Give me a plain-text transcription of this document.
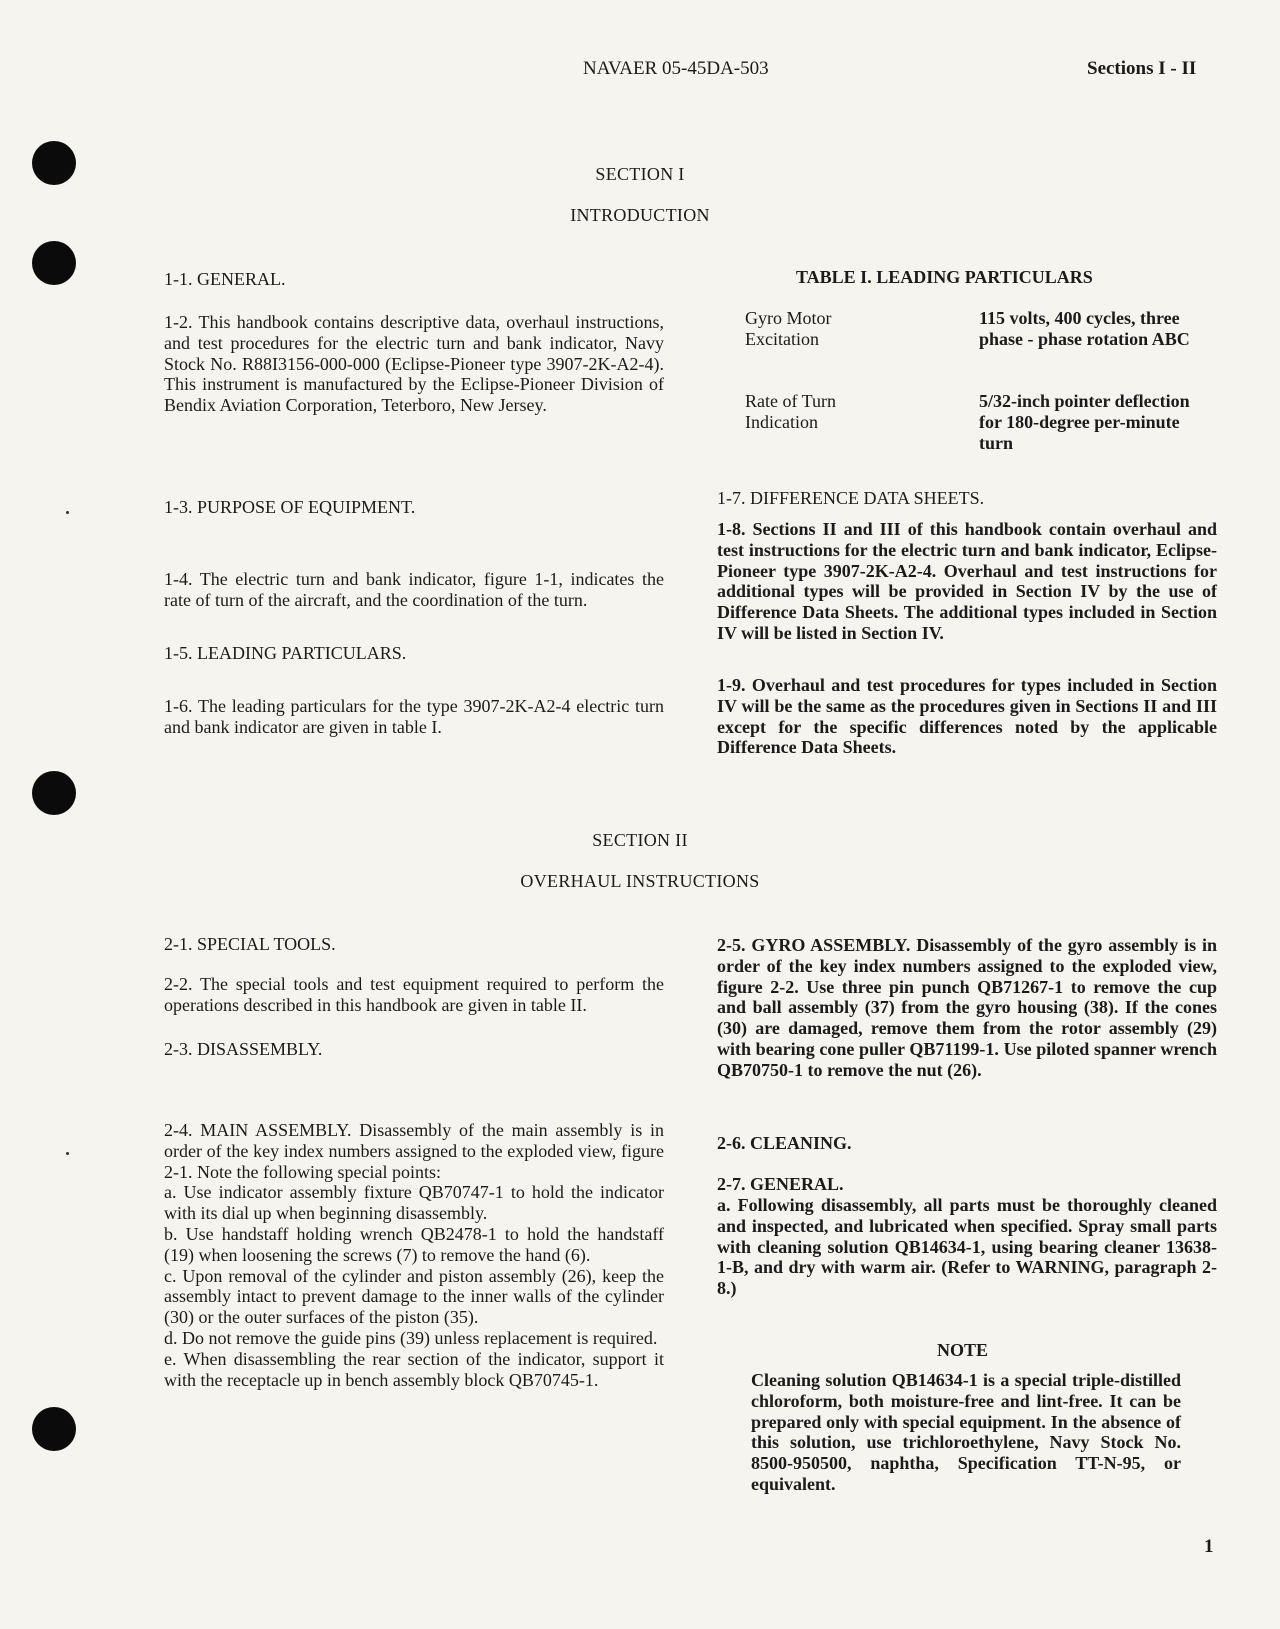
NAVAER 05-45DA-503	Sections I - II
SECTION I
INTRODUCTION
1-1. GENERAL.

1-2. This handbook contains descriptive data, overhaul instructions, and test procedures for the electric turn and bank indicator, Navy Stock No. R88I3156-000-000 (Eclipse-Pioneer type 3907-2K-A2-4). This instrument is manufactured by the Eclipse-Pioneer Division of Bendix Aviation Corporation, Teterboro, New Jersey.

1-3. PURPOSE OF EQUIPMENT.

1-4. The electric turn and bank indicator, figure 1-1, indicates the rate of turn of the aircraft, and the coordination of the turn.

1-5. LEADING PARTICULARS.

1-6. The leading particulars for the type 3907-2K-A2-4 electric turn and bank indicator are given in table I.

TABLE I. LEADING PARTICULARS
Gyro Motor
Excitation
115 volts, 400 cycles, three phase - phase rotation ABC
Rate of Turn
Indication
5/32-inch pointer deflection for 180-degree per-minute turn
1-7. DIFFERENCE DATA SHEETS.

1-8. Sections II and III of this handbook contain overhaul and test instructions for the electric turn and bank indicator, Eclipse-Pioneer type 3907-2K-A2-4. Overhaul and test instructions for additional types will be provided in Section IV by the use of Difference Data Sheets. The additional types included in Section IV will be listed in Section IV.

1-9. Overhaul and test procedures for types included in Section IV will be the same as the procedures given in Sections II and III except for the specific differences noted by the applicable Difference Data Sheets.

SECTION II
OVERHAUL INSTRUCTIONS
2-1. SPECIAL TOOLS.

2-2. The special tools and test equipment required to perform the operations described in this handbook are given in table II.

2-3. DISASSEMBLY.

2-4. MAIN ASSEMBLY. Disassembly of the main assembly is in order of the key index numbers assigned to the exploded view, figure 2-1. Note the following special points:

a. Use indicator assembly fixture QB70747-1 to hold the indicator with its dial up when beginning disassembly.

b. Use handstaff holding wrench QB2478-1 to hold the handstaff (19) when loosening the screws (7) to remove the hand (6).

c. Upon removal of the cylinder and piston assembly (26), keep the assembly intact to prevent damage to the inner walls of the cylinder (30) or the outer surfaces of the piston (35).

d. Do not remove the guide pins (39) unless replacement is required.

e. When disassembling the rear section of the indicator, support it with the receptacle up in bench assembly block QB70745-1.

2-5. GYRO ASSEMBLY. Disassembly of the gyro assembly is in order of the key index numbers assigned to the exploded view, figure 2-2. Use three pin punch QB71267-1 to remove the cup and ball assembly (37) from the gyro housing (38). If the cones (30) are damaged, remove them from the rotor assembly (29) with bearing cone puller QB71199-1. Use piloted spanner wrench QB70750-1 to remove the nut (26).

2-6. CLEANING.
2-7. GENERAL.

a. Following disassembly, all parts must be thoroughly cleaned and inspected, and lubricated when specified. Spray small parts with cleaning solution QB14634-1, using bearing cleaner 13638-1-B, and dry with warm air. (Refer to WARNING, paragraph 2-8.)

NOTE

Cleaning solution QB14634-1 is a special triple-distilled chloroform, both moisture-free and lint-free. It can be prepared only with special equipment. In the absence of this solution, use trichloroethylene, Navy Stock No. 8500-950500, naphtha, Specification TT-N-95, or equivalent.

1
